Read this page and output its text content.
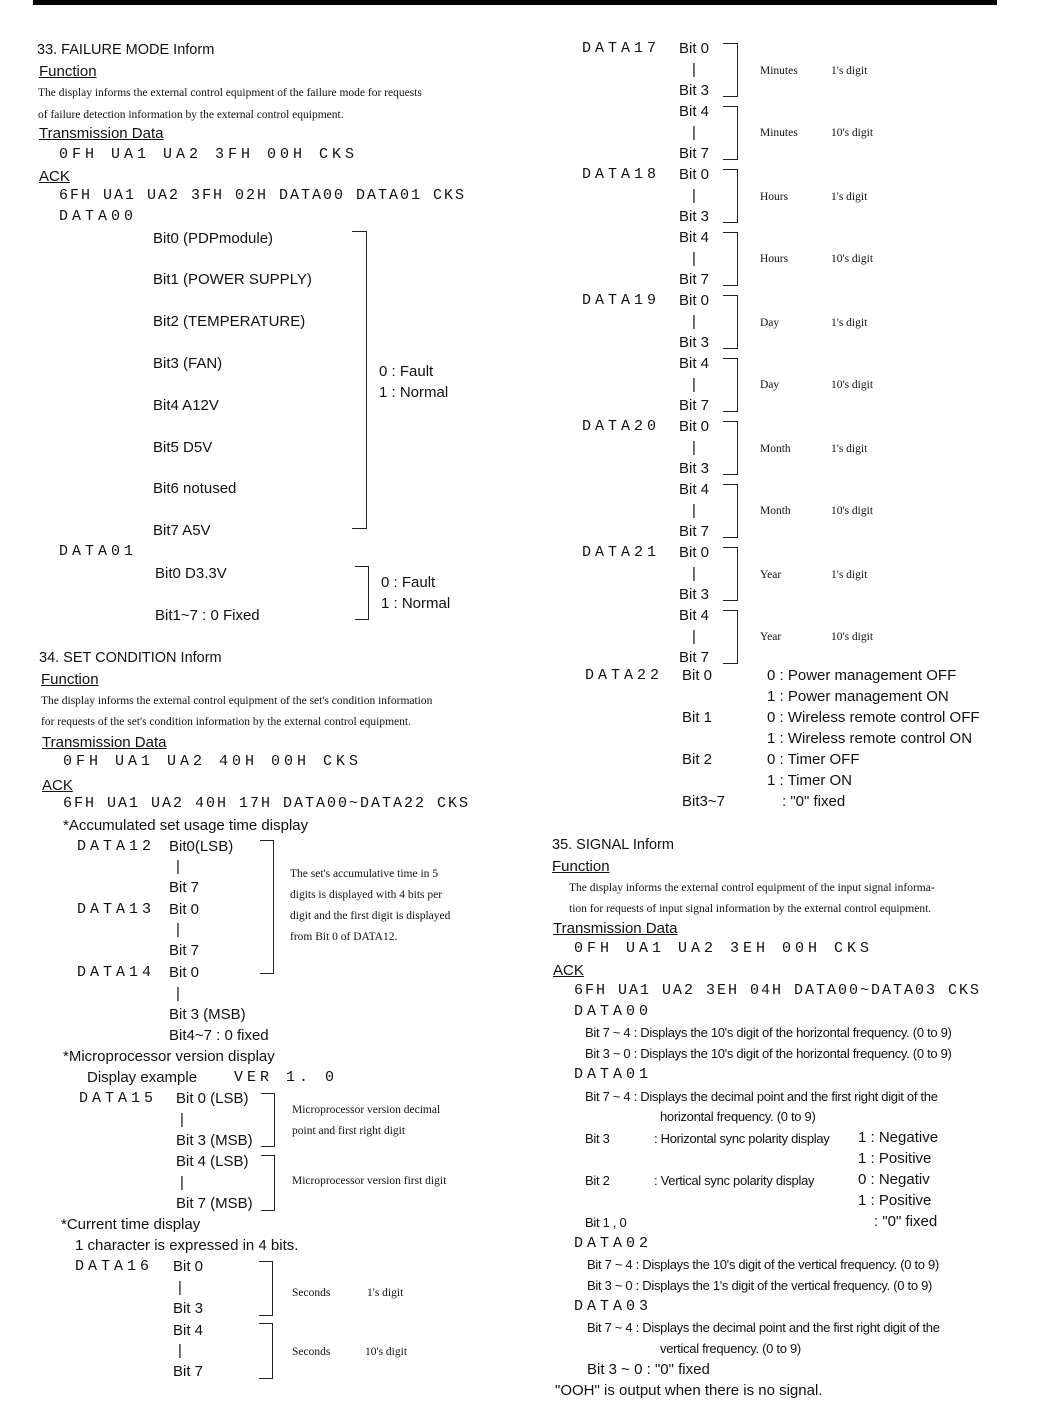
33. FAILURE MODE Inform
Function
The display informs the external control equipment of the failure mode for requests
of failure detection information by the external control equipment.
Transmission Data
0FH UA1 UA2 3FH 00H CKS
ACK
6FH UA1 UA2 3FH 02H DATA00 DATA01 CKS
DATA00
Bit0 (PDPmodule)
Bit1 (POWER SUPPLY)
Bit2 (TEMPERATURE)
Bit3 (FAN)
Bit4 A12V
Bit5 D5V
Bit6 notused
Bit7 A5V
0 : Fault
1 : Normal
DATA01
Bit0 D3.3V
Bit1~7 : 0 Fixed
0 : Fault
1 : Normal
34. SET CONDITION Inform
Function
The display informs the external control equipment of the set's condition information
for requests of the set's condition information by the external control equipment.
Transmission Data
0FH UA1 UA2 40H 00H CKS
ACK
6FH UA1 UA2 40H 17H DATA00~DATA22 CKS
*Accumulated set usage time display
DATA12 Bit0(LSB)
|
Bit 7
DATA13 Bit 0
|
Bit 7
DATA14 Bit 0
|
Bit 3 (MSB)
Bit4~7 : 0 fixed
The set's accumulative time in 5
digits is displayed with 4 bits per
digit and the first digit is displayed
from Bit 0 of DATA12.
*Microprocessor version display
Display example VER 1. 0
DATA15 Bit 0 (LSB)
|
Bit 3 (MSB)
Bit 4 (LSB)
|
Bit 7 (MSB)
Microprocessor version decimal
point and first right digit
Microprocessor version first digit
*Current time display
1 character is expressed in 4 bits.
DATA16 Bit 0
|
Bit 3
Bit 4
|
Bit 7
Seconds	1's digit
Seconds	10's digit
DATA17 Bit 0
|
Bit 3
Bit 4
|
Bit 7
Minutes	1's digit
Minutes	10's digit
DATA18 Bit 0
|
Bit 3
Bit 4
|
Bit 7
Hours	1's digit
Hours	10's digit
DATA19 Bit 0
|
Bit 3
Bit 4
|
Bit 7
Day	1's digit
Day	10's digit
DATA20 Bit 0
|
Bit 3
Bit 4
|
Bit 7
Month	1's digit
Month	10's digit
DATA21 Bit 0
|
Bit 3
Bit 4
|
Bit 7
Year	1's digit
Year	10's digit
DATA22 Bit 0	0 : Power management OFF
1 : Power management ON
Bit 1	0 : Wireless remote control OFF
1 : Wireless remote control ON
Bit 2	0 : Timer OFF
1 : Timer ON
Bit3~7	: "0" fixed
35. SIGNAL Inform
Function
The display informs the external control equipment of the input signal informa-
tion for requests of input signal information by the external control equipment.
Transmission Data
0FH UA1 UA2 3EH 00H CKS
ACK
6FH UA1 UA2 3EH 04H DATA00~DATA03 CKS
DATA00
Bit 7 ~ 4 : Displays the 10's digit of the horizontal frequency. (0 to 9)
Bit 3 ~ 0 : Displays the 10's digit of the horizontal frequency. (0 to 9)
DATA01
Bit 7 ~ 4 : Displays the decimal point and the first right digit of the
horizontal frequency. (0 to 9)
Bit 3	: Horizontal sync polarity display 1 : Negative
1 : Positive
Bit 2	: Vertical sync polarity display	0 : Negativ
1 : Positive
Bit 1 , 0	: "0" fixed
DATA02
Bit 7 ~ 4 : Displays the 10's digit of the vertical frequency. (0 to 9)
Bit 3 ~ 0 : Displays the 1's digit of the vertical frequency. (0 to 9)
DATA03
Bit 7 ~ 4 : Displays the decimal point and the first right digit of the
vertical frequency. (0 to 9)
Bit 3 ~ 0 : "0" fixed
"OOH" is output when there is no signal.
